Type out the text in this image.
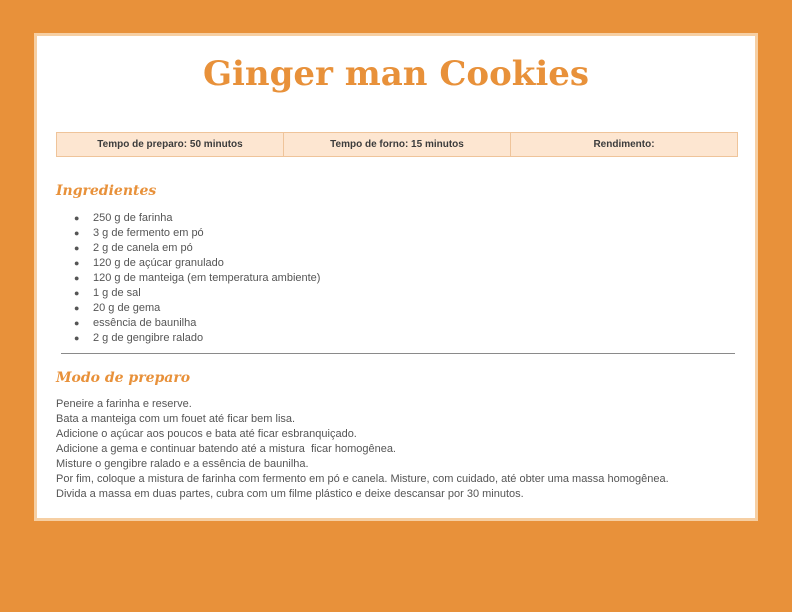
Ginger man Cookies
Tempo de preparo: 50 minutos	Tempo de forno: 15 minutos	Rendimento:
Ingredientes
● 250 g de farinha
● 3 g de fermento em pó
● 2 g de canela em pó
● 120 g de açúcar granulado
● 120 g de manteiga (em temperatura ambiente)
● 1 g de sal
● 20 g de gema
● essência de baunilha
● 2 g de gengibre ralado
Modo de preparo

Peneire a farinha e reserve.

Bata a manteiga com um fouet até ficar bem lisa.

Adicione o açúcar aos poucos e bata até ficar esbranquiçado.

Adicione a gema e continuar batendo até a mistura  ficar homogênea.

Misture o gengibre ralado e a essência de baunilha.

Por fim, coloque a mistura de farinha com fermento em pó e canela. Misture, com cuidado, até obter uma massa homogênea.

Divida a massa em duas partes, cubra com um filme plástico e deixe descansar por 30 minutos.
